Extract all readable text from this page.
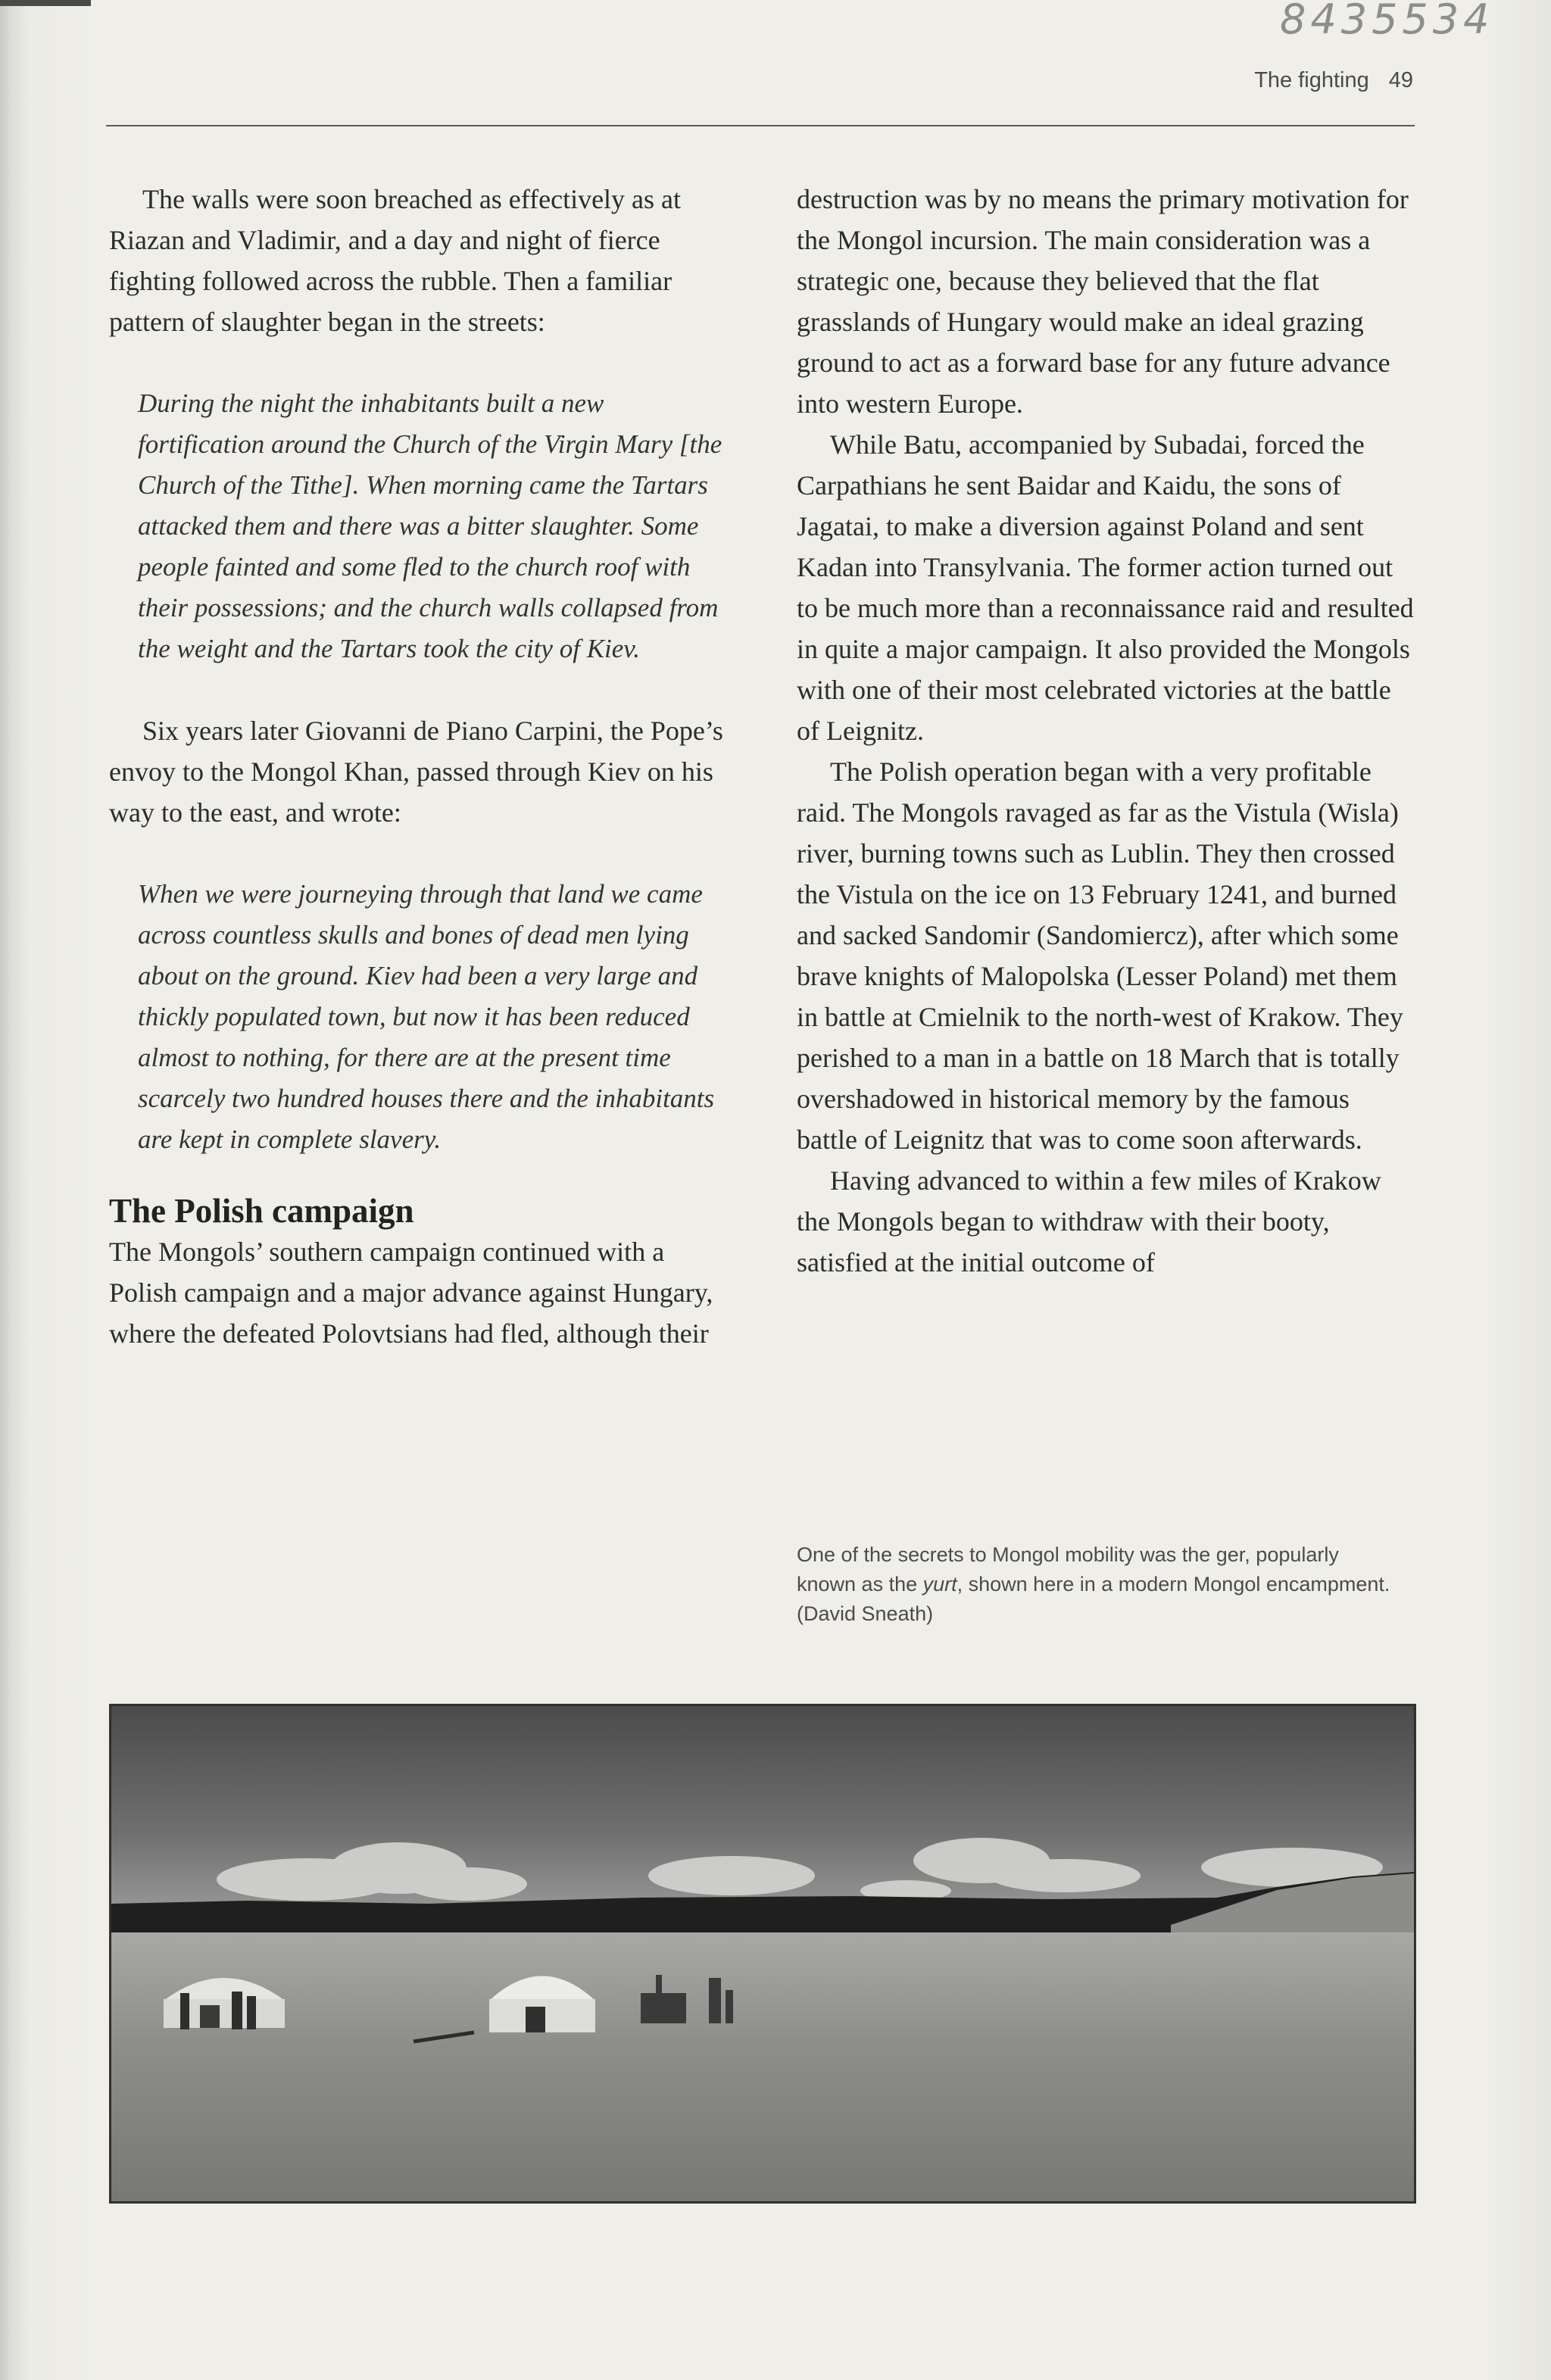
8435534
The fighting 49

The walls were soon breached as effectively as at Riazan and Vladimir, and a day and night of fierce fighting followed across the rubble. Then a familiar pattern of slaughter began in the streets:

During the night the inhabitants built a new fortification around the Church of the Virgin Mary [the Church of the Tithe]. When morning came the Tartars attacked them and there was a bitter slaughter. Some people fainted and some fled to the church roof with their possessions; and the church walls collapsed from the weight and the Tartars took the city of Kiev.

Six years later Giovanni de Piano Carpini, the Pope’s envoy to the Mongol Khan, passed through Kiev on his way to the east, and wrote:

When we were journeying through that land we came across countless skulls and bones of dead men lying about on the ground. Kiev had been a very large and thickly populated town, but now it has been reduced almost to nothing, for there are at the present time scarcely two hundred houses there and the inhabitants are kept in complete slavery.

The Polish campaign

The Mongols’ southern campaign continued with a Polish campaign and a major advance against Hungary, where the defeated Polovtsians had fled, although their

destruction was by no means the primary motivation for the Mongol incursion. The main consideration was a strategic one, because they believed that the flat grasslands of Hungary would make an ideal grazing ground to act as a forward base for any future advance into western Europe.

While Batu, accompanied by Subadai, forced the Carpathians he sent Baidar and Kaidu, the sons of Jagatai, to make a diversion against Poland and sent Kadan into Transylvania. The former action turned out to be much more than a reconnaissance raid and resulted in quite a major campaign. It also provided the Mongols with one of their most celebrated victories at the battle of Leignitz.

The Polish operation began with a very profitable raid. The Mongols ravaged as far as the Vistula (Wisla) river, burning towns such as Lublin. They then crossed the Vistula on the ice on 13 February 1241, and burned and sacked Sandomir (Sandomiercz), after which some brave knights of Malopolska (Lesser Poland) met them in battle at Cmielnik to the north-west of Krakow. They perished to a man in a battle on 18 March that is totally overshadowed in historical memory by the famous battle of Leignitz that was to come soon afterwards.

Having advanced to within a few miles of Krakow the Mongols began to withdraw with their booty, satisfied at the initial outcome of

One of the secrets to Mongol mobility was the ger, popularly known as the yurt, shown here in a modern Mongol encampment. (David Sneath)
